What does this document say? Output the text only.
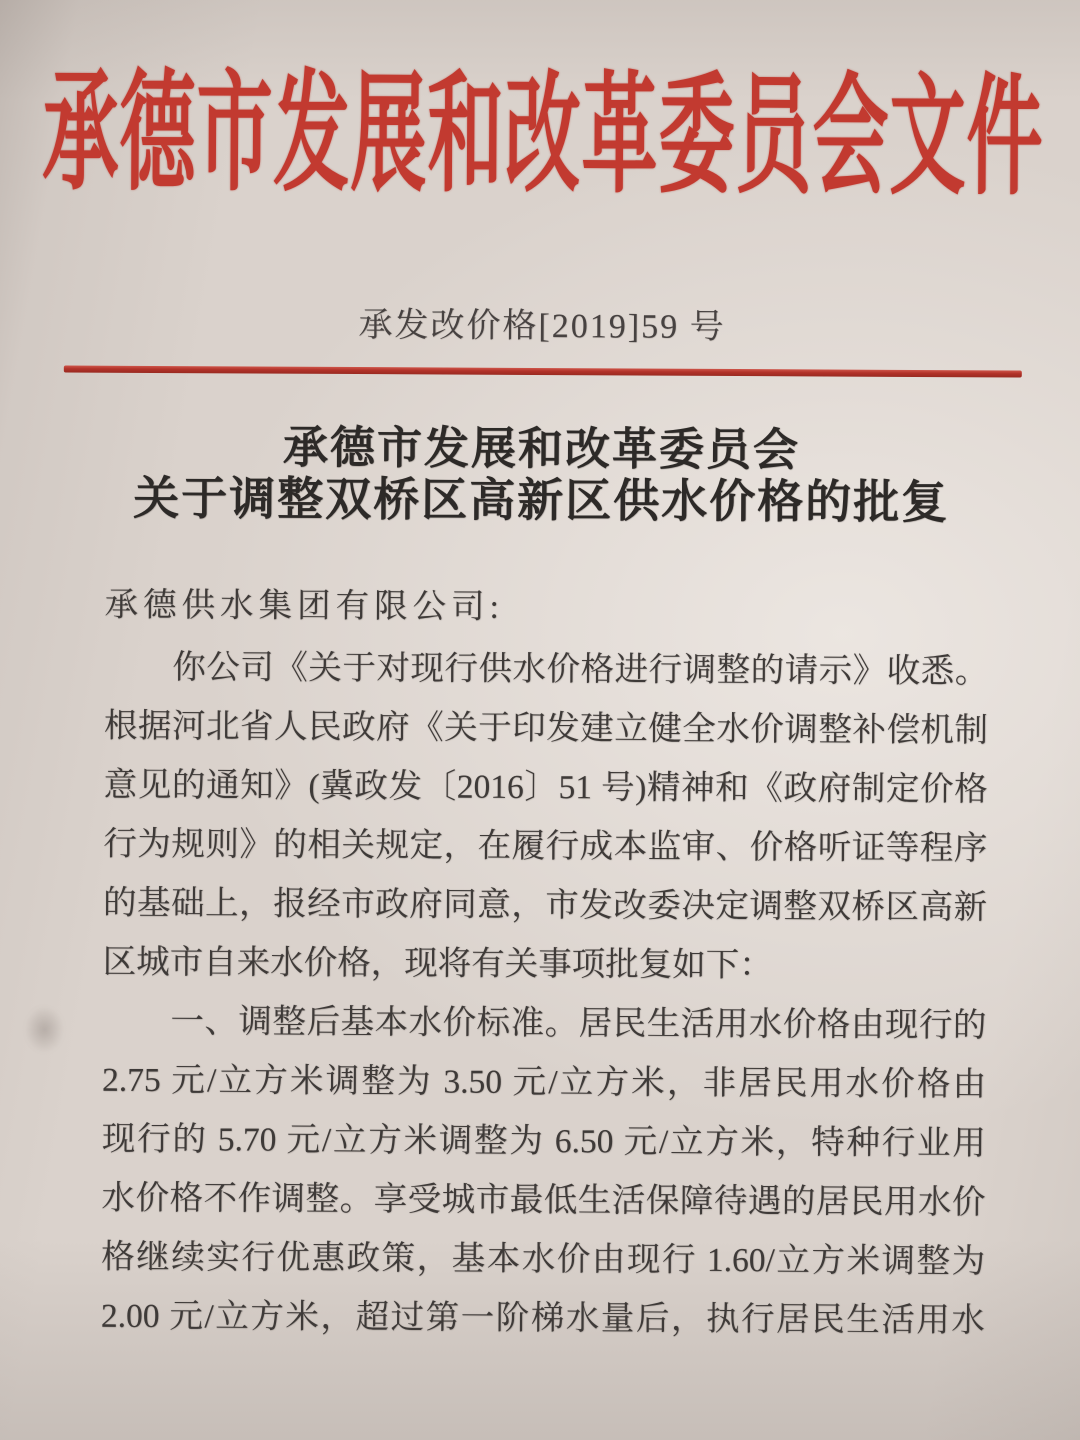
承德市发展和改革委员会文件
承发改价格[2019]59 号
承德市发展和改革委员会
关于调整双桥区高新区供水价格的批复
承德供水集团有限公司:
你公司《关于对现行供水价格进行调整的请示》收悉。
根据河北省人民政府《关于印发建立健全水价调整补偿机制
意见的通知》(冀政发〔2016〕51 号)精神和《政府制定价格
行为规则》的相关规定，在履行成本监审、价格听证等程序
的基础上，报经市政府同意，市发改委决定调整双桥区高新
区城市自来水价格，现将有关事项批复如下：
一、调整后基本水价标准。居民生活用水价格由现行的
2.75 元/立方米调整为 3.50 元/立方米，非居民用水价格由
现行的 5.70 元/立方米调整为 6.50 元/立方米，特种行业用
水价格不作调整。享受城市最低生活保障待遇的居民用水价
格继续实行优惠政策，基本水价由现行 1.60/立方米调整为
2.00 元/立方米，超过第一阶梯水量后，执行居民生活用水
